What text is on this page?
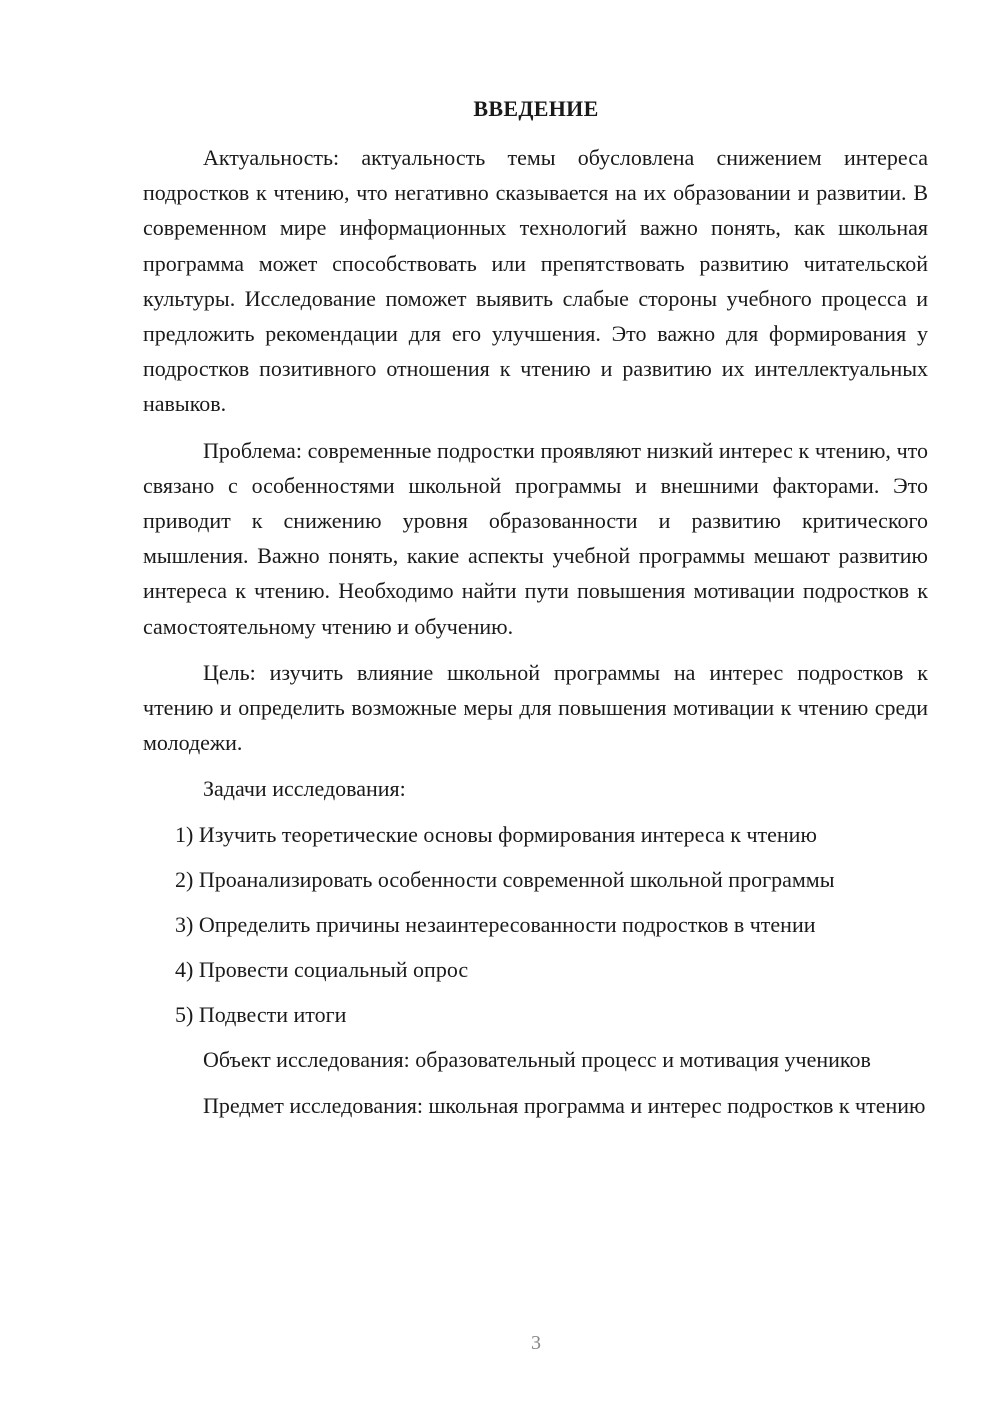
ВВЕДЕНИЕ

Актуальность: актуальность темы обусловлена снижением интереса подростков к чтению, что негативно сказывается на их образовании и развитии. В современном мире информационных технологий важно понять, как школьная программа может способствовать или препятствовать развитию читательской культуры. Исследование поможет выявить слабые стороны учебного процесса и предложить рекомендации для его улучшения. Это важно для формирования у подростков позитивного отношения к чтению и развитию их интеллектуальных навыков.

Проблема: современные подростки проявляют низкий интерес к чтению, что связано с особенностями школьной программы и внешними факторами. Это приводит к снижению уровня образованности и развитию критического мышления. Важно понять, какие аспекты учебной программы мешают развитию интереса к чтению. Необходимо найти пути повышения мотивации подростков к самостоятельному чтению и обучению.

Цель: изучить влияние школьной программы на интерес подростков к чтению и определить возможные меры для повышения мотивации к чтению среди молодежи.

Задачи исследования:

1) Изучить теоретические основы формирования интереса к чтению
2) Проанализировать особенности современной школьной программы
3) Определить причины незаинтересованности подростков в чтении
4) Провести социальный опрос
5) Подвести итоги

Объект исследования: образовательный процесс и мотивация учеников

Предмет исследования: школьная программа и интерес подростков к чтению

3
